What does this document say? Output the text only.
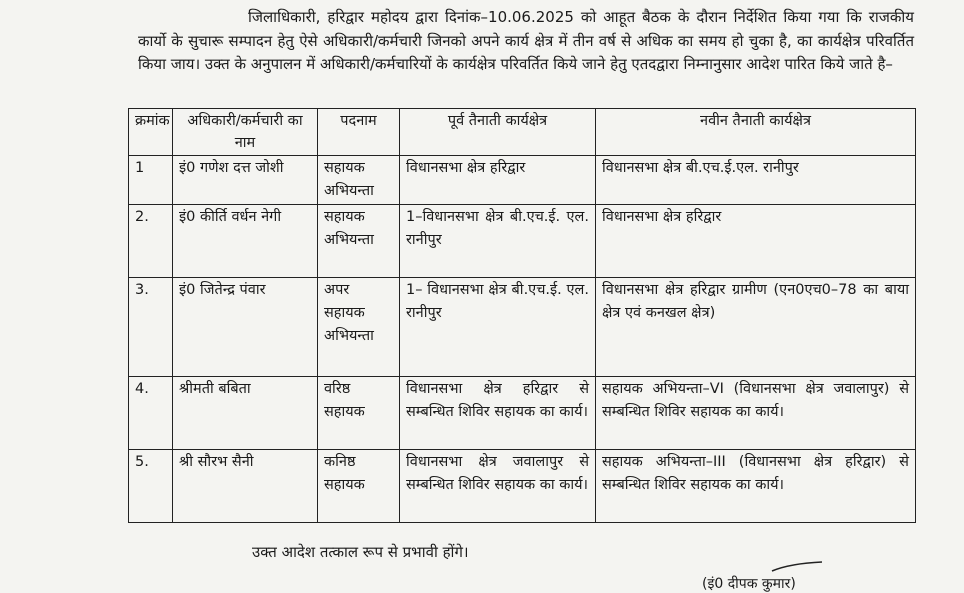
जिलाधिकारी, हरिद्वार महोदय द्वारा दिनांक–10.06.2025 को आहूत बैठक के दौरान निर्देशित किया गया कि राजकीय कार्यो के सुचारू सम्पादन हेतु ऐसे अधिकारी/कर्मचारी जिनको अपने कार्य क्षेत्र में तीन वर्ष से अधिक का समय हो चुका है, का कार्यक्षेत्र परिवर्तित किया जाय। उक्त के अनुपालन में अधिकारी/कर्मचारियों के कार्यक्षेत्र परिवर्तित किये जाने हेतु एतदद्वारा निम्नानुसार आदेश पारित किये जाते है–

क्रमांक	अधिकारी/कर्मचारी का नाम	पदनाम	पूर्व तैनाती कार्यक्षेत्र	नवीन तैनाती कार्यक्षेत्र
1	इं0 गणेश दत्त जोशी	सहायक अभियन्ता	विधानसभा क्षेत्र हरिद्वार	विधानसभा क्षेत्र बी.एच.ई.एल. रानीपुर
2.	इं0 कीर्ति वर्धन नेगी	सहायक अभियन्ता	1–विधानसभा क्षेत्र बी.एच.ई. एल. रानीपुर	विधानसभा क्षेत्र हरिद्वार
3.	इं0 जितेन्द्र पंवार	अपर सहायक अभियन्ता	1– विधानसभा क्षेत्र बी.एच.ई. एल. रानीपुर	विधानसभा क्षेत्र हरिद्वार ग्रामीण (एन0एच0–78 का बाया क्षेत्र एवं कनखल क्षेत्र)
4.	श्रीमती बबिता	वरिष्ठ सहायक	विधानसभा क्षेत्र हरिद्वार से सम्बन्धित शिविर सहायक का कार्य।	सहायक अभियन्ता–VI (विधानसभा क्षेत्र जवालापुर) से सम्बन्धित शिविर सहायक का कार्य।
5.	श्री सौरभ सैनी	कनिष्ठ सहायक	विधानसभा क्षेत्र जवालापुर से सम्बन्धित शिविर सहायक का कार्य।	सहायक अभियन्ता–III (विधानसभा क्षेत्र हरिद्वार) से सम्बन्धित शिविर सहायक का कार्य।
उक्त आदेश तत्काल रूप से प्रभावी होंगे।
(इं0 दीपक कुमार)
